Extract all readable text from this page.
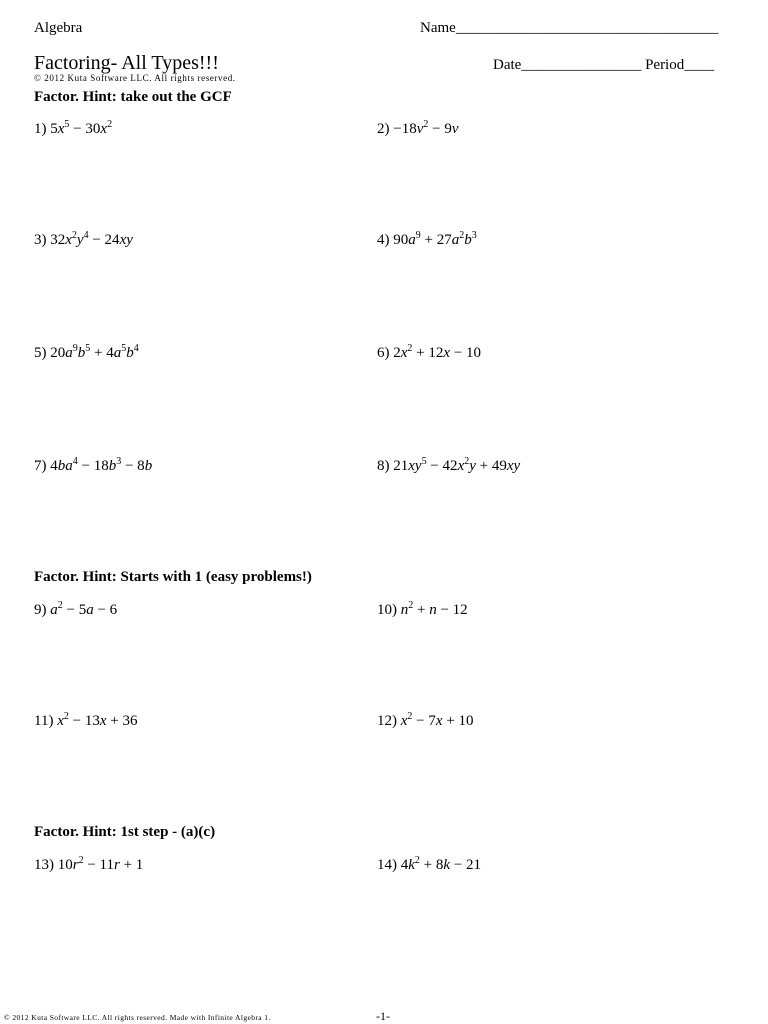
Algebra	Name___________________________________
Factoring- All Types!!!
© 2012 Kuta Software LLC. All rights reserved.
Date________________ Period____
Factor. Hint: take out the GCF
Factor. Hint: Starts with 1 (easy problems!)
Factor. Hint: 1st step - (a)(c)
1) $5x^5 - 30x^2$	$2) -18v^2 - 9v$
3) $32x^2y^4 - 24xy$	4) $90a^9 + 27a^2b^3$
5) $20a^9b^5 + 4a^5b^4$	6) $2x^2 + 12x - 10$
7) $4ba^4 - 18b^3 - 8b$	8) $21xy^5 - 42x^2y + 49xy$
9) $a^2 - 5a - 6$	10) $n^2 + n - 12$
11) $x^2 - 13x + 36$	12) $x^2 - 7x + 10$
13) $10r^2 - 11r + 1$	14) $4k^2 + 8k - 21$
© 2012 Kuta Software LLC. All rights reserved. Made with Infinite Algebra 1.	-1-
